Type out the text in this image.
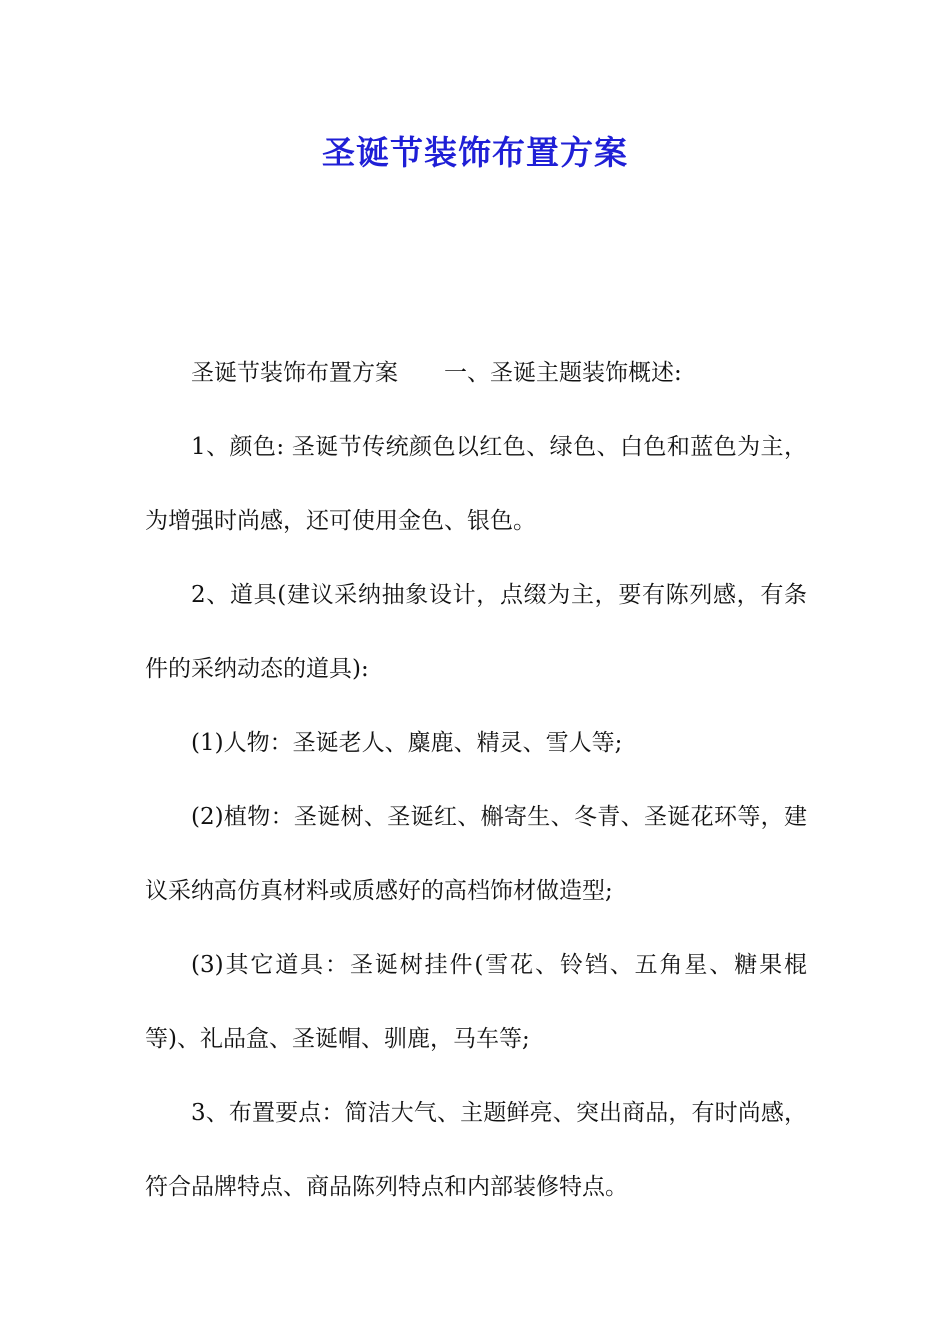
圣诞节装饰布置方案

圣诞节装饰布置方案 一、圣诞主题装饰概述:

1、颜色: 圣诞节传统颜色以红色、绿色、白色和蓝色为主，为增强时尚感，还可使用金色、银色。

2、道具(建议采纳抽象设计，点缀为主，要有陈列感，有条件的采纳动态的道具):

(1)人物：圣诞老人、麋鹿、精灵、雪人等;

(2)植物：圣诞树、圣诞红、槲寄生、冬青、圣诞花环等，建议采纳高仿真材料或质感好的高档饰材做造型;

(3)其它道具：圣诞树挂件(雪花、铃铛、五角星、糖果棍等)、礼品盒、圣诞帽、驯鹿，马车等;

3、布置要点：简洁大气、主题鲜亮、突出商品，有时尚感，符合品牌特点、商品陈列特点和内部装修特点。
